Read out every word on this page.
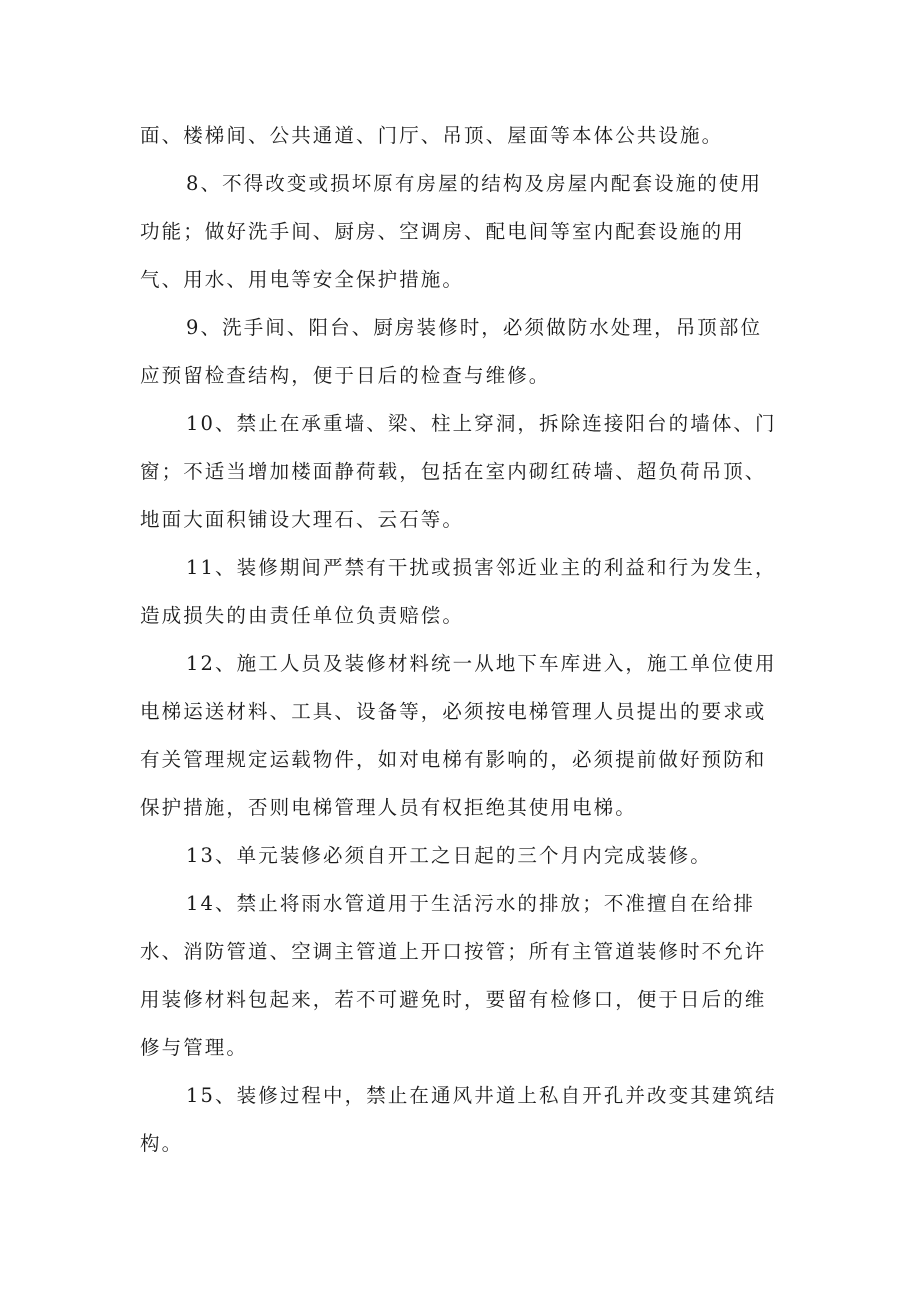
面、楼梯间、公共通道、门厅、吊顶、屋面等本体公共设施。

8、不得改变或损坏原有房屋的结构及房屋内配套设施的使用

功能；做好洗手间、厨房、空调房、配电间等室内配套设施的用

气、用水、用电等安全保护措施。

9、洗手间、阳台、厨房装修时，必须做防水处理，吊顶部位

应预留检查结构，便于日后的检查与维修。

10、禁止在承重墙、梁、柱上穿洞，拆除连接阳台的墙体、门

窗；不适当增加楼面静荷载，包括在室内砌红砖墙、超负荷吊顶、

地面大面积铺设大理石、云石等。

11、装修期间严禁有干扰或损害邻近业主的利益和行为发生，

造成损失的由责任单位负责赔偿。

12、施工人员及装修材料统一从地下车库进入，施工单位使用

电梯运送材料、工具、设备等，必须按电梯管理人员提出的要求或

有关管理规定运载物件，如对电梯有影响的，必须提前做好预防和

保护措施，否则电梯管理人员有权拒绝其使用电梯。

13、单元装修必须自开工之日起的三个月内完成装修。

14、禁止将雨水管道用于生活污水的排放；不准擅自在给排

水、消防管道、空调主管道上开口按管；所有主管道装修时不允许

用装修材料包起来，若不可避免时，要留有检修口，便于日后的维

修与管理。

15、装修过程中，禁止在通风井道上私自开孔并改变其建筑结

构。
